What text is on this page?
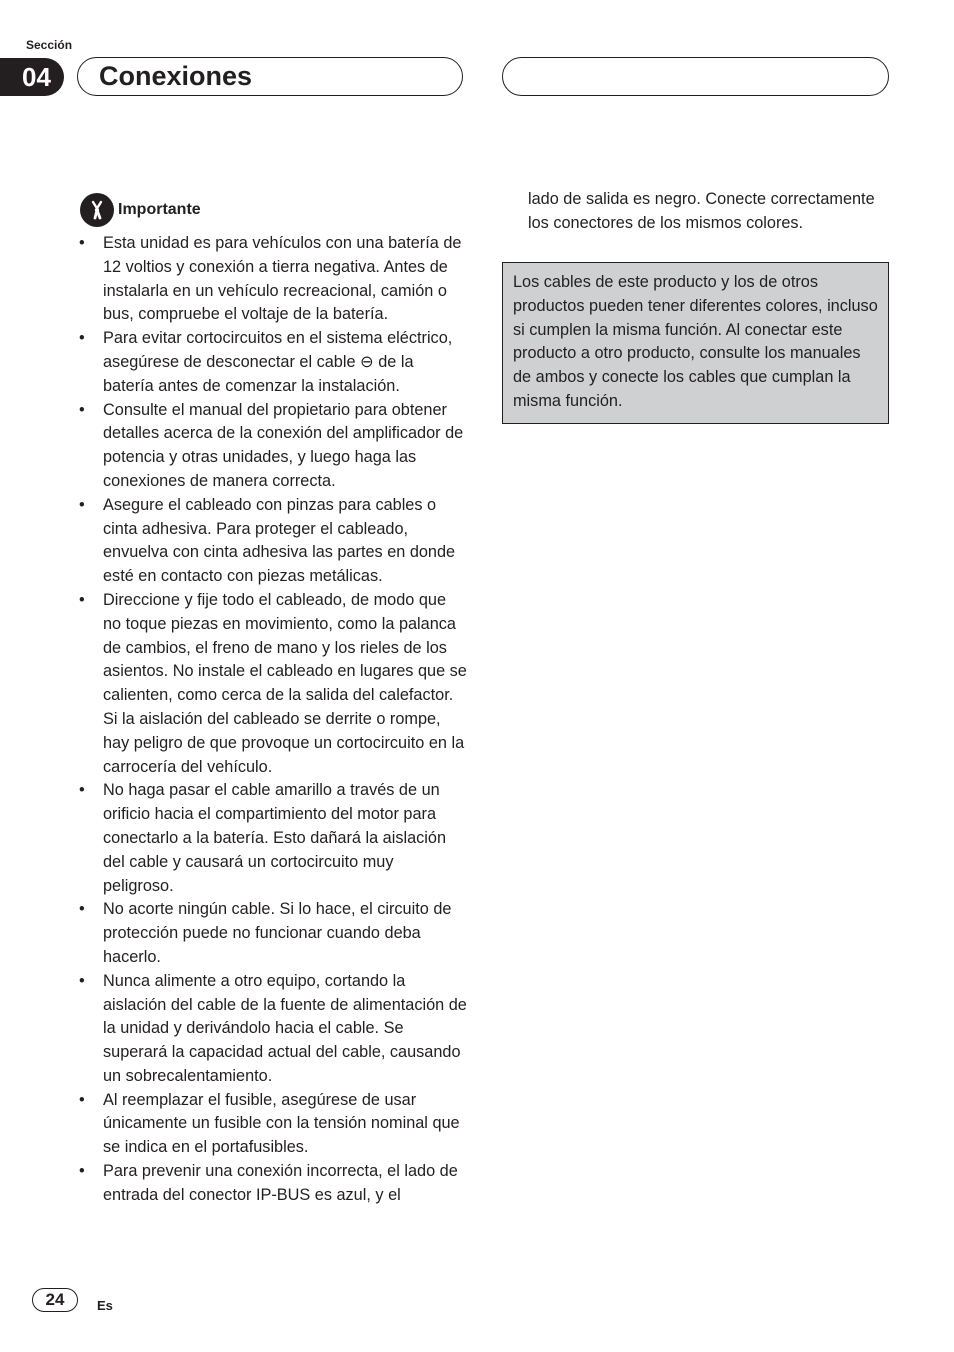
Sección
04	Conexiones
Importante
• Esta unidad es para vehículos con una batería de 12 voltios y conexión a tierra negativa. Antes de instalarla en un vehículo recreacional, camión o bus, compruebe el voltaje de la batería.
• Para evitar cortocircuitos en el sistema eléctrico, asegúrese de desconectar el cable ⊖ de la batería antes de comenzar la instalación.
• Consulte el manual del propietario para obtener detalles acerca de la conexión del amplificador de potencia y otras unidades, y luego haga las conexiones de manera correcta.
• Asegure el cableado con pinzas para cables o cinta adhesiva. Para proteger el cableado, envuelva con cinta adhesiva las partes en donde esté en contacto con piezas metálicas.
• Direccione y fije todo el cableado, de modo que no toque piezas en movimiento, como la palanca de cambios, el freno de mano y los rieles de los asientos. No instale el cableado en lugares que se calienten, como cerca de la salida del calefactor. Si la aislación del cableado se derrite o rompe, hay peligro de que provoque un cortocircuito en la carrocería del vehículo.
• No haga pasar el cable amarillo a través de un orificio hacia el compartimiento del motor para conectarlo a la batería. Esto dañará la aislación del cable y causará un cortocircuito muy peligroso.
• No acorte ningún cable. Si lo hace, el circuito de protección puede no funcionar cuando deba hacerlo.
• Nunca alimente a otro equipo, cortando la aislación del cable de la fuente de alimentación de la unidad y derivándolo hacia el cable. Se superará la capacidad actual del cable, causando un sobrecalentamiento.
• Al reemplazar el fusible, asegúrese de usar únicamente un fusible con la tensión nominal que se indica en el portafusibles.
• Para prevenir una conexión incorrecta, el lado de entrada del conector IP-BUS es azul, y el

lado de salida es negro. Conecte correctamente los conectores de los mismos colores.

Los cables de este producto y los de otros productos pueden tener diferentes colores, incluso si cumplen la misma función. Al conectar este producto a otro producto, consulte los manuales de ambos y conecte los cables que cumplan la misma función.
24	Es
